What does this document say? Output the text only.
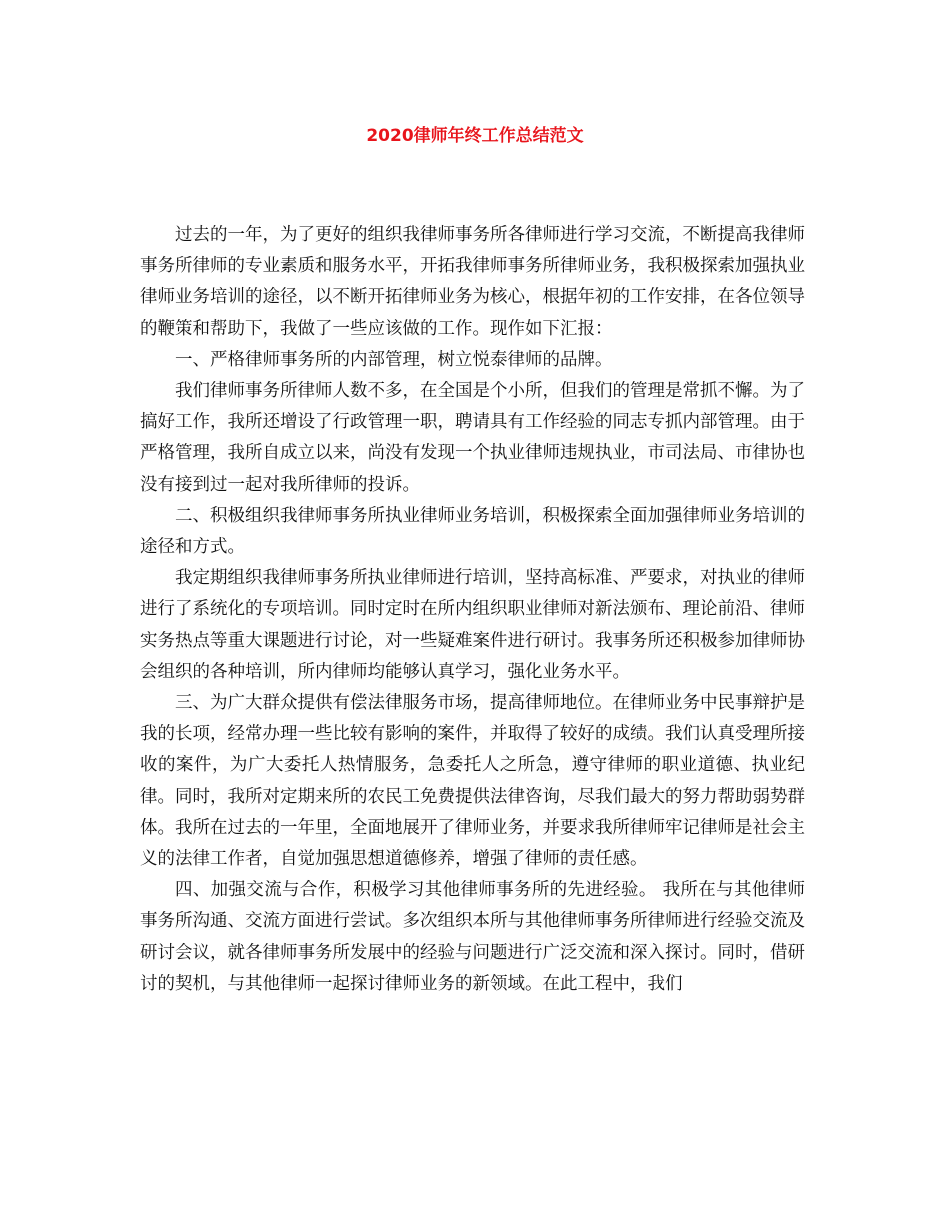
2020律师年终工作总结范文

过去的一年，为了更好的组织我律师事务所各律师进行学习交流，不断提高我律师事务所律师的专业素质和服务水平，开拓我律师事务所律师业务，我积极探索加强执业律师业务培训的途径，以不断开拓律师业务为核心，根据年初的工作安排，在各位领导的鞭策和帮助下，我做了一些应该做的工作。现作如下汇报：

一、严格律师事务所的内部管理，树立悦泰律师的品牌。

我们律师事务所律师人数不多，在全国是个小所，但我们的管理是常抓不懈。为了搞好工作，我所还增设了行政管理一职，聘请具有工作经验的同志专抓内部管理。由于严格管理，我所自成立以来，尚没有发现一个执业律师违规执业，市司法局、市律协也没有接到过一起对我所律师的投诉。

二、积极组织我律师事务所执业律师业务培训，积极探索全面加强律师业务培训的途径和方式。

我定期组织我律师事务所执业律师进行培训，坚持高标准、严要求，对执业的律师进行了系统化的专项培训。同时定时在所内组织职业律师对新法颁布、理论前沿、律师实务热点等重大课题进行讨论，对一些疑难案件进行研讨。我事务所还积极参加律师协会组织的各种培训，所内律师均能够认真学习，强化业务水平。

三、为广大群众提供有偿法律服务市场，提高律师地位。在律师业务中民事辩护是我的长项，经常办理一些比较有影响的案件，并取得了较好的成绩。我们认真受理所接收的案件，为广大委托人热情服务，急委托人之所急，遵守律师的职业道德、执业纪律。同时，我所对定期来所的农民工免费提供法律咨询，尽我们最大的努力帮助弱势群体。我所在过去的一年里，全面地展开了律师业务，并要求我所律师牢记律师是社会主义的法律工作者，自觉加强思想道德修养，增强了律师的责任感。

四、加强交流与合作，积极学习其他律师事务所的先进经验。 我所在与其他律师事务所沟通、交流方面进行尝试。多次组织本所与其他律师事务所律师进行经验交流及研讨会议，就各律师事务所发展中的经验与问题进行广泛交流和深入探讨。同时，借研讨的契机，与其他律师一起探讨律师业务的新领域。在此工程中，我们
